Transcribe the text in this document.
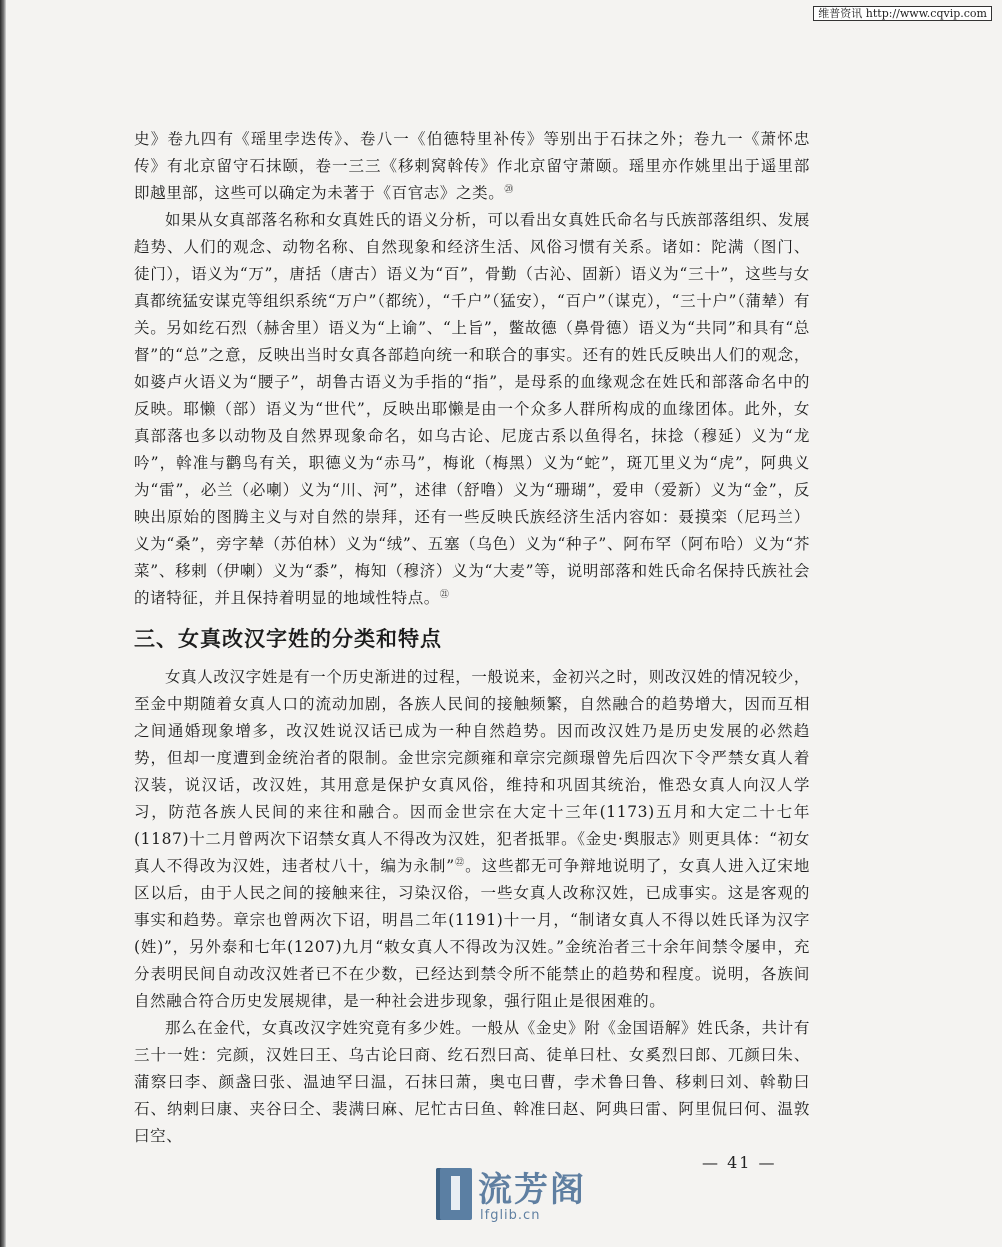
维普资讯 http://www.cqvip.com

史》卷九四有《瑶里孛迭传》、卷八一《伯德特里补传》等别出于石抹之外；卷九一《萧怀忠传》有北京留守石抹颐，卷一三三《移剌窝斡传》作北京留守萧颐。瑶里亦作姚里出于遥里部即越里部，这些可以确定为未著于《百官志》之类。⑳

如果从女真部落名称和女真姓氏的语义分析，可以看出女真姓氏命名与氏族部落组织、发展趋势、人们的观念、动物名称、自然现象和经济生活、风俗习惯有关系。诸如：陀满（图门、徒门），语义为“万”，唐括（唐古）语义为“百”，骨勤（古沁、固新）语义为“三十”，这些与女真都统猛安谋克等组织系统“万户”（都统），“千户”（猛安），“百户”（谋克），“三十户”（蒲辇）有关。另如纥石烈（赫舍里）语义为“上谕”、“上旨”，鳖故德（鼻骨德）语义为“共同”和具有“总督”的“总”之意，反映出当时女真各部趋向统一和联合的事实。还有的姓氏反映出人们的观念，如婆卢火语义为“腰子”，胡鲁古语义为手指的“指”，是母系的血缘观念在姓氏和部落命名中的反映。耶懒（部）语义为“世代”，反映出耶懒是由一个众多人群所构成的血缘团体。此外，女真部落也多以动物及自然界现象命名，如乌古论、尼庞古系以鱼得名，抹捻（穆延）义为“龙吟”，斡准与鹳鸟有关，职德义为“赤马”，梅讹（梅黑）义为“蛇”，斑兀里义为“虎”，阿典义为“雷”，必兰（必喇）义为“川、河”，述律（舒噜）义为“珊瑚”，爱申（爱新）义为“金”，反映出原始的图腾主义与对自然的崇拜，还有一些反映氏族经济生活内容如：聂摸栾（尼玛兰）义为“桑”，旁字辇（苏伯林）义为“绒”、五塞（乌色）义为“种子”、阿布罕（阿布哈）义为“芥菜”、移剌（伊喇）义为“黍”，梅知（穆济）义为“大麦”等，说明部落和姓氏命名保持氏族社会的诸特征，并且保持着明显的地域性特点。$^㉑$

三、女真改汉字姓的分类和特点

女真人改汉字姓是有一个历史渐进的过程，一般说来，金初兴之时，则改汉姓的情况较少，至金中期随着女真人口的流动加剧，各族人民间的接触频繁，自然融合的趋势增大，因而互相之间通婚现象增多，改汉姓说汉话已成为一种自然趋势。因而改汉姓乃是历史发展的必然趋势，但却一度遭到金统治者的限制。金世宗完颜雍和章宗完颜璟曾先后四次下令严禁女真人着汉装，说汉话，改汉姓，其用意是保护女真风俗，维持和巩固其统治，惟恐女真人向汉人学习，防范各族人民间的来往和融合。因而金世宗在大定十三年(1173)五月和大定二十七年(1187)十二月曾两次下诏禁女真人不得改为汉姓，犯者抵罪。《金史·舆服志》则更具体：“初女真人不得改为汉姓，违者杖八十，编为永制”$^㉒$。这些都无可争辩地说明了，女真人进入辽宋地区以后，由于人民之间的接触来往，习染汉俗，一些女真人改称汉姓，已成事实。这是客观的事实和趋势。章宗也曾两次下诏，明昌二年(1191)十一月，“制诸女真人不得以姓氏译为汉字(姓)”，另外泰和七年(1207)九月“敕女真人不得改为汉姓。”金统治者三十余年间禁令屡申，充分表明民间自动改汉姓者已不在少数，已经达到禁令所不能禁止的趋势和程度。说明，各族间自然融合符合历史发展规律，是一种社会进步现象，强行阻止是很困难的。

那么在金代，女真改汉字姓究竟有多少姓。一般从《金史》附《金国语解》姓氏条，共计有三十一姓：完颜，汉姓曰王、乌古论曰商、纥石烈曰高、徒单曰杜、女奚烈曰郎、兀颜曰朱、蒲察曰李、颜盏曰张、温迪罕曰温，石抹曰萧，奥屯曰曹，孛术鲁曰鲁、移剌曰刘、斡勒曰石、纳剌曰康、夹谷曰仝、裴满曰麻、尼忙古曰鱼、斡准曰赵、阿典曰雷、阿里侃曰何、温敦曰空、

— 41 —
流芳阁
lfglib.cn
